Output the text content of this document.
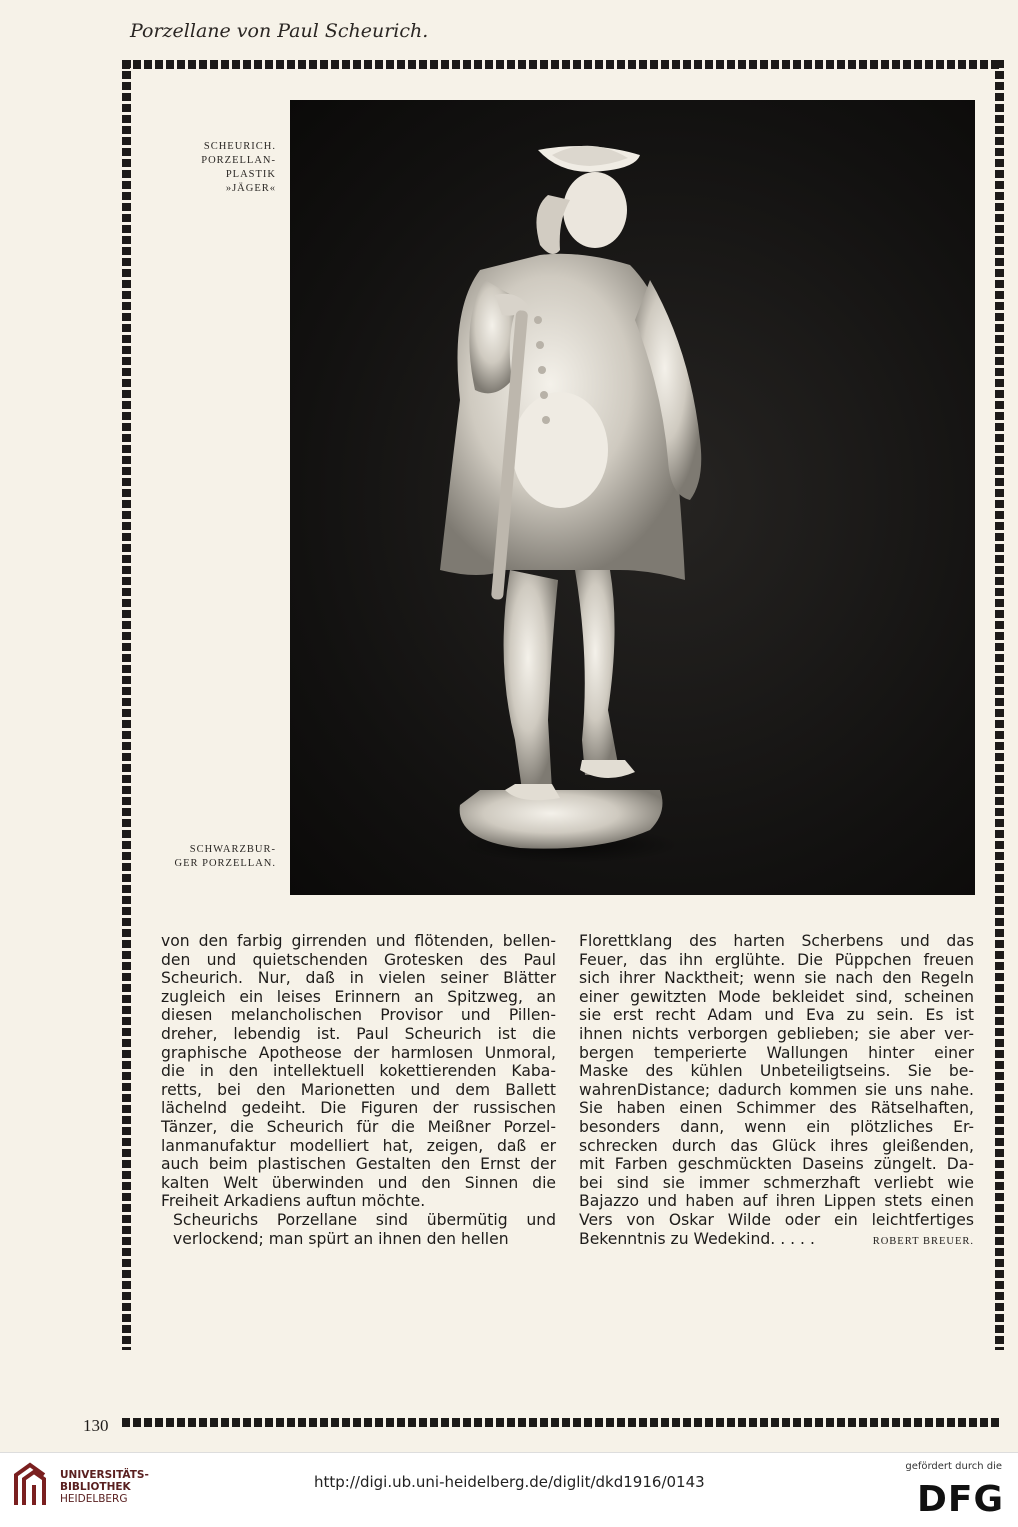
Porzellane von Paul Scheurich.
SCHEURICH.
PORZELLAN-
PLASTIK
»JÄGER«
SCHWARZBUR-
GER PORZELLAN.

von den farbig girrenden und flötenden, bellen-
den und quietschenden Grotesken des Paul
Scheurich. Nur, daß in vielen seiner Blätter
zugleich ein leises Erinnern an Spitzweg, an
diesen melancholischen Provisor und Pillen-
dreher, lebendig ist. Paul Scheurich ist die
graphische Apotheose der harmlosen Unmoral,
die in den intellektuell kokettierenden Kaba-
retts, bei den Marionetten und dem Ballett
lächelnd gedeiht. Die Figuren der russischen
Tänzer, die Scheurich für die Meißner Porzel-
lanmanufaktur modelliert hat, zeigen, daß er
auch beim plastischen Gestalten den Ernst der
kalten Welt überwinden und den Sinnen die
Freiheit Arkadiens auftun möchte.

Scheurichs Porzellane sind übermütig und
verlockend; man spürt an ihnen den hellen

Florettklang des harten Scherbens und das
Feuer, das ihn erglühte. Die Püppchen freuen
sich ihrer Nacktheit; wenn sie nach den Regeln
einer gewitzten Mode bekleidet sind, scheinen
sie erst recht Adam und Eva zu sein. Es ist
ihnen nichts verborgen geblieben; sie aber ver-
bergen temperierte Wallungen hinter einer
Maske des kühlen Unbeteiligtseins. Sie be-
wahrenDistance; dadurch kommen sie uns nahe.
Sie haben einen Schimmer des Rätselhaften,
besonders dann, wenn ein plötzliches Er-
schrecken durch das Glück ihres gleißenden,
mit Farben geschmückten Daseins züngelt. Da-
bei sind sie immer schmerzhaft verliebt wie
Bajazzo und haben auf ihren Lippen stets einen
Vers von Oskar Wilde oder ein leichtfertiges
Bekenntnis zu Wedekind. . . . .	ROBERT BREUER.

130
UNIVERSITÄTS-
BIBLIOTHEK
HEIDELBERG
http://digi.ub.uni-heidelberg.de/diglit/dkd1916/0143
gefördert durch die
DFG
